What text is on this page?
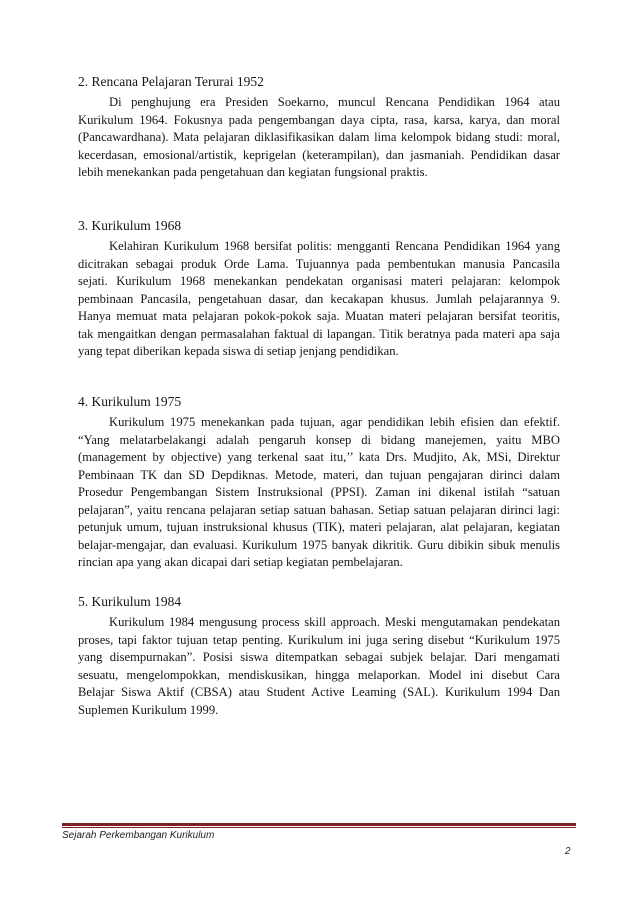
2. Rencana Pelajaran Terurai 1952
Di penghujung era Presiden Soekarno, muncul Rencana Pendidikan 1964 atau
Kurikulum 1964. Fokusnya pada pengembangan daya cipta, rasa, karsa, karya, dan moral
(Pancawardhana). Mata pelajaran diklasifikasikan dalam lima kelompok bidang studi: moral,
kecerdasan, emosional/artistik, keprigelan (keterampilan), dan jasmaniah. Pendidikan dasar
lebih menekankan pada pengetahuan dan kegiatan fungsional praktis.
3. Kurikulum 1968
Kelahiran Kurikulum 1968 bersifat politis: mengganti Rencana Pendidikan 1964 yang
dicitrakan sebagai produk Orde Lama. Tujuannya pada pembentukan manusia Pancasila
sejati. Kurikulum 1968 menekankan pendekatan organisasi materi pelajaran: kelompok
pembinaan Pancasila, pengetahuan dasar, dan kecakapan khusus. Jumlah pelajarannya 9.
Hanya memuat mata pelajaran pokok-pokok saja. Muatan materi pelajaran bersifat teoritis,
tak mengaitkan dengan permasalahan faktual di lapangan. Titik beratnya pada materi apa saja
yang tepat diberikan kepada siswa di setiap jenjang pendidikan.
4. Kurikulum 1975
Kurikulum 1975 menekankan pada tujuan, agar pendidikan lebih efisien dan efektif.
“Yang melatarbelakangi adalah pengaruh konsep di bidang manejemen, yaitu MBO
(management by objective) yang terkenal saat itu,’’ kata Drs. Mudjito, Ak, MSi, Direktur
Pembinaan TK dan SD Depdiknas. Metode, materi, dan tujuan pengajaran dirinci dalam
Prosedur Pengembangan Sistem Instruksional (PPSI). Zaman ini dikenal istilah “satuan
pelajaran”, yaitu rencana pelajaran setiap satuan bahasan. Setiap satuan pelajaran dirinci lagi:
petunjuk umum, tujuan instruksional khusus (TIK), materi pelajaran, alat pelajaran, kegiatan
belajar-mengajar, dan evaluasi. Kurikulum 1975 banyak dikritik. Guru dibikin sibuk menulis
rincian apa yang akan dicapai dari setiap kegiatan pembelajaran.
5. Kurikulum 1984
Kurikulum 1984 mengusung process skill approach. Meski mengutamakan pendekatan
proses, tapi faktor tujuan tetap penting. Kurikulum ini juga sering disebut “Kurikulum 1975
yang disempurnakan”. Posisi siswa ditempatkan sebagai subjek belajar. Dari mengamati
sesuatu, mengelompokkan, mendiskusikan, hingga melaporkan. Model ini disebut Cara
Belajar Siswa Aktif (CBSA) atau Student Active Leaming (SAL). Kurikulum 1994 Dan
Suplemen Kurikulum 1999.
Sejarah Perkembangan Kurikulum
2
